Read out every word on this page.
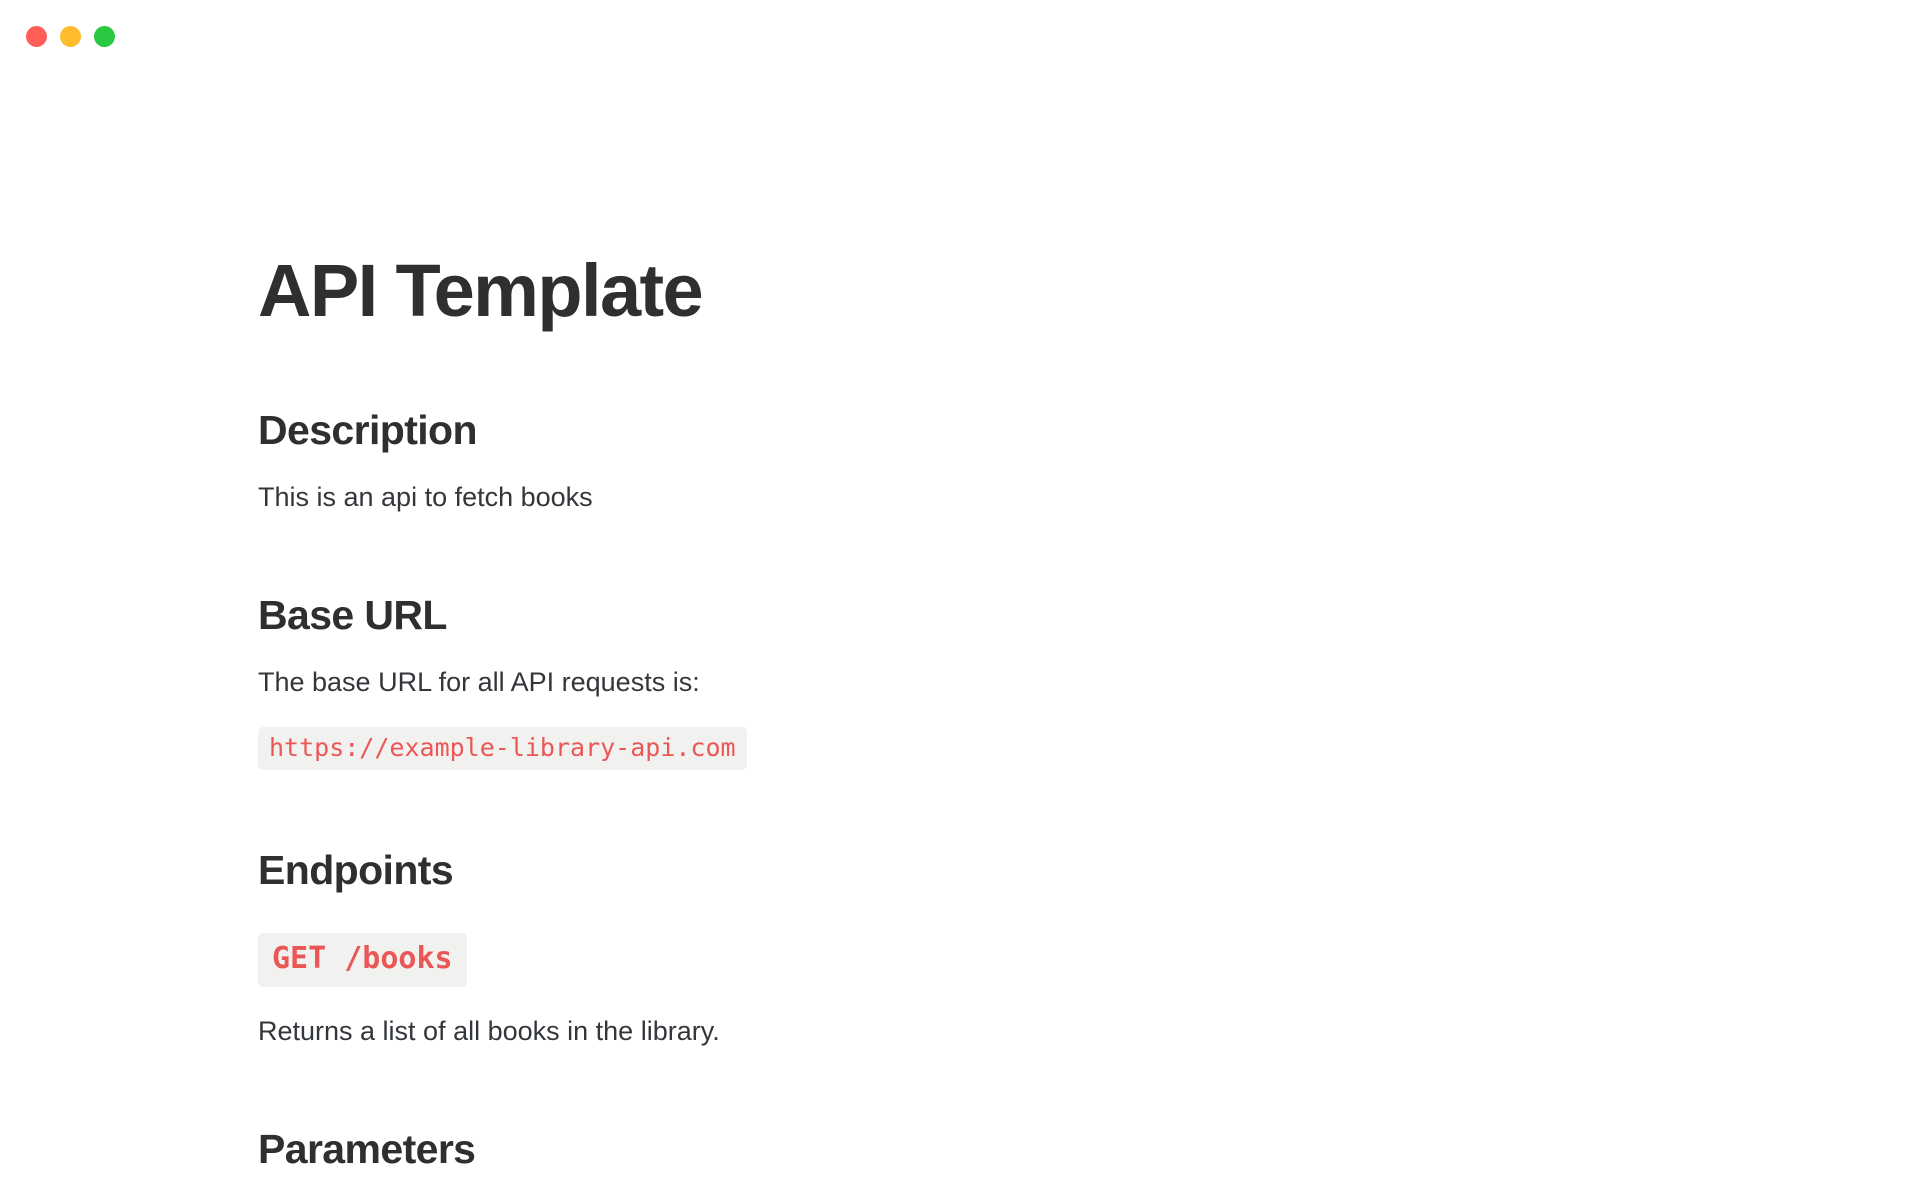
API Template
Description

This is an api to fetch books

Base URL

The base URL for all API requests is:

https://example-library-api.com
Endpoints
GET /books

Returns a list of all books in the library.

Parameters
